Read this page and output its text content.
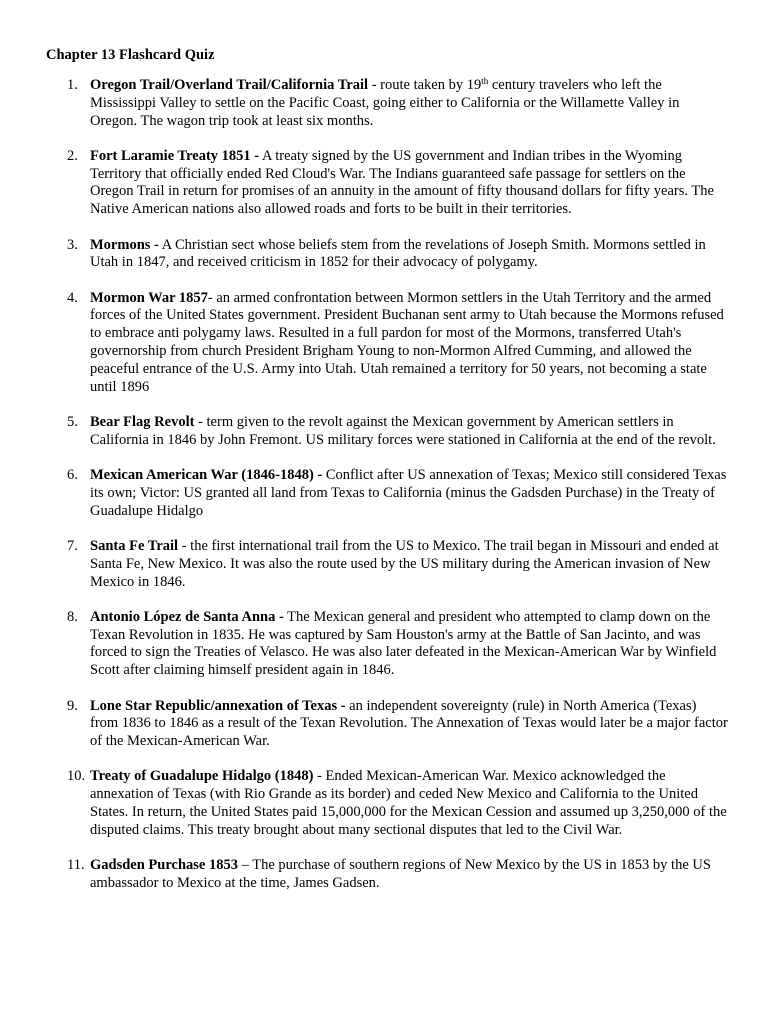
Chapter 13 Flashcard Quiz
1. Oregon Trail/Overland Trail/California Trail - route taken by 19th century travelers who left the Mississippi Valley to settle on the Pacific Coast, going either to California or the Willamette Valley in Oregon. The wagon trip took at least six months.
2. Fort Laramie Treaty 1851 - A treaty signed by the US government and Indian tribes in the Wyoming Territory that officially ended Red Cloud's War. The Indians guaranteed safe passage for settlers on the Oregon Trail in return for promises of an annuity in the amount of fifty thousand dollars for fifty years. The Native American nations also allowed roads and forts to be built in their territories.
3. Mormons - A Christian sect whose beliefs stem from the revelations of Joseph Smith. Mormons settled in Utah in 1847, and received criticism in 1852 for their advocacy of polygamy.
4. Mormon War 1857- an armed confrontation between Mormon settlers in the Utah Territory and the armed forces of the United States government. President Buchanan sent army to Utah because the Mormons refused to embrace anti polygamy laws. Resulted in a full pardon for most of the Mormons, transferred Utah's governorship from church President Brigham Young to non-Mormon Alfred Cumming, and allowed the peaceful entrance of the U.S. Army into Utah. Utah remained a territory for 50 years, not becoming a state until 1896
5. Bear Flag Revolt - term given to the revolt against the Mexican government by American settlers in California in 1846 by John Fremont. US military forces were stationed in California at the end of the revolt.
6. Mexican American War (1846-1848) - Conflict after US annexation of Texas; Mexico still considered Texas its own; Victor: US granted all land from Texas to California (minus the Gadsden Purchase) in the Treaty of Guadalupe Hidalgo
7. Santa Fe Trail - the first international trail from the US to Mexico. The trail began in Missouri and ended at Santa Fe, New Mexico. It was also the route used by the US military during the American invasion of New Mexico in 1846.
8. Antonio López de Santa Anna - The Mexican general and president who attempted to clamp down on the Texan Revolution in 1835. He was captured by Sam Houston's army at the Battle of San Jacinto, and was forced to sign the Treaties of Velasco. He was also later defeated in the Mexican-American War by Winfield Scott after claiming himself president again in 1846.
9. Lone Star Republic/annexation of Texas - an independent sovereignty (rule) in North America (Texas) from 1836 to 1846 as a result of the Texan Revolution. The Annexation of Texas would later be a major factor of the Mexican-American War.
10. Treaty of Guadalupe Hidalgo (1848) - Ended Mexican-American War. Mexico acknowledged the annexation of Texas (with Rio Grande as its border) and ceded New Mexico and California to the United States. In return, the United States paid 15,000,000 for the Mexican Cession and assumed up 3,250,000 of the disputed claims. This treaty brought about many sectional disputes that led to the Civil War.
11. Gadsden Purchase 1853 – The purchase of southern regions of New Mexico by the US in 1853 by the US ambassador to Mexico at the time, James Gadsen.
